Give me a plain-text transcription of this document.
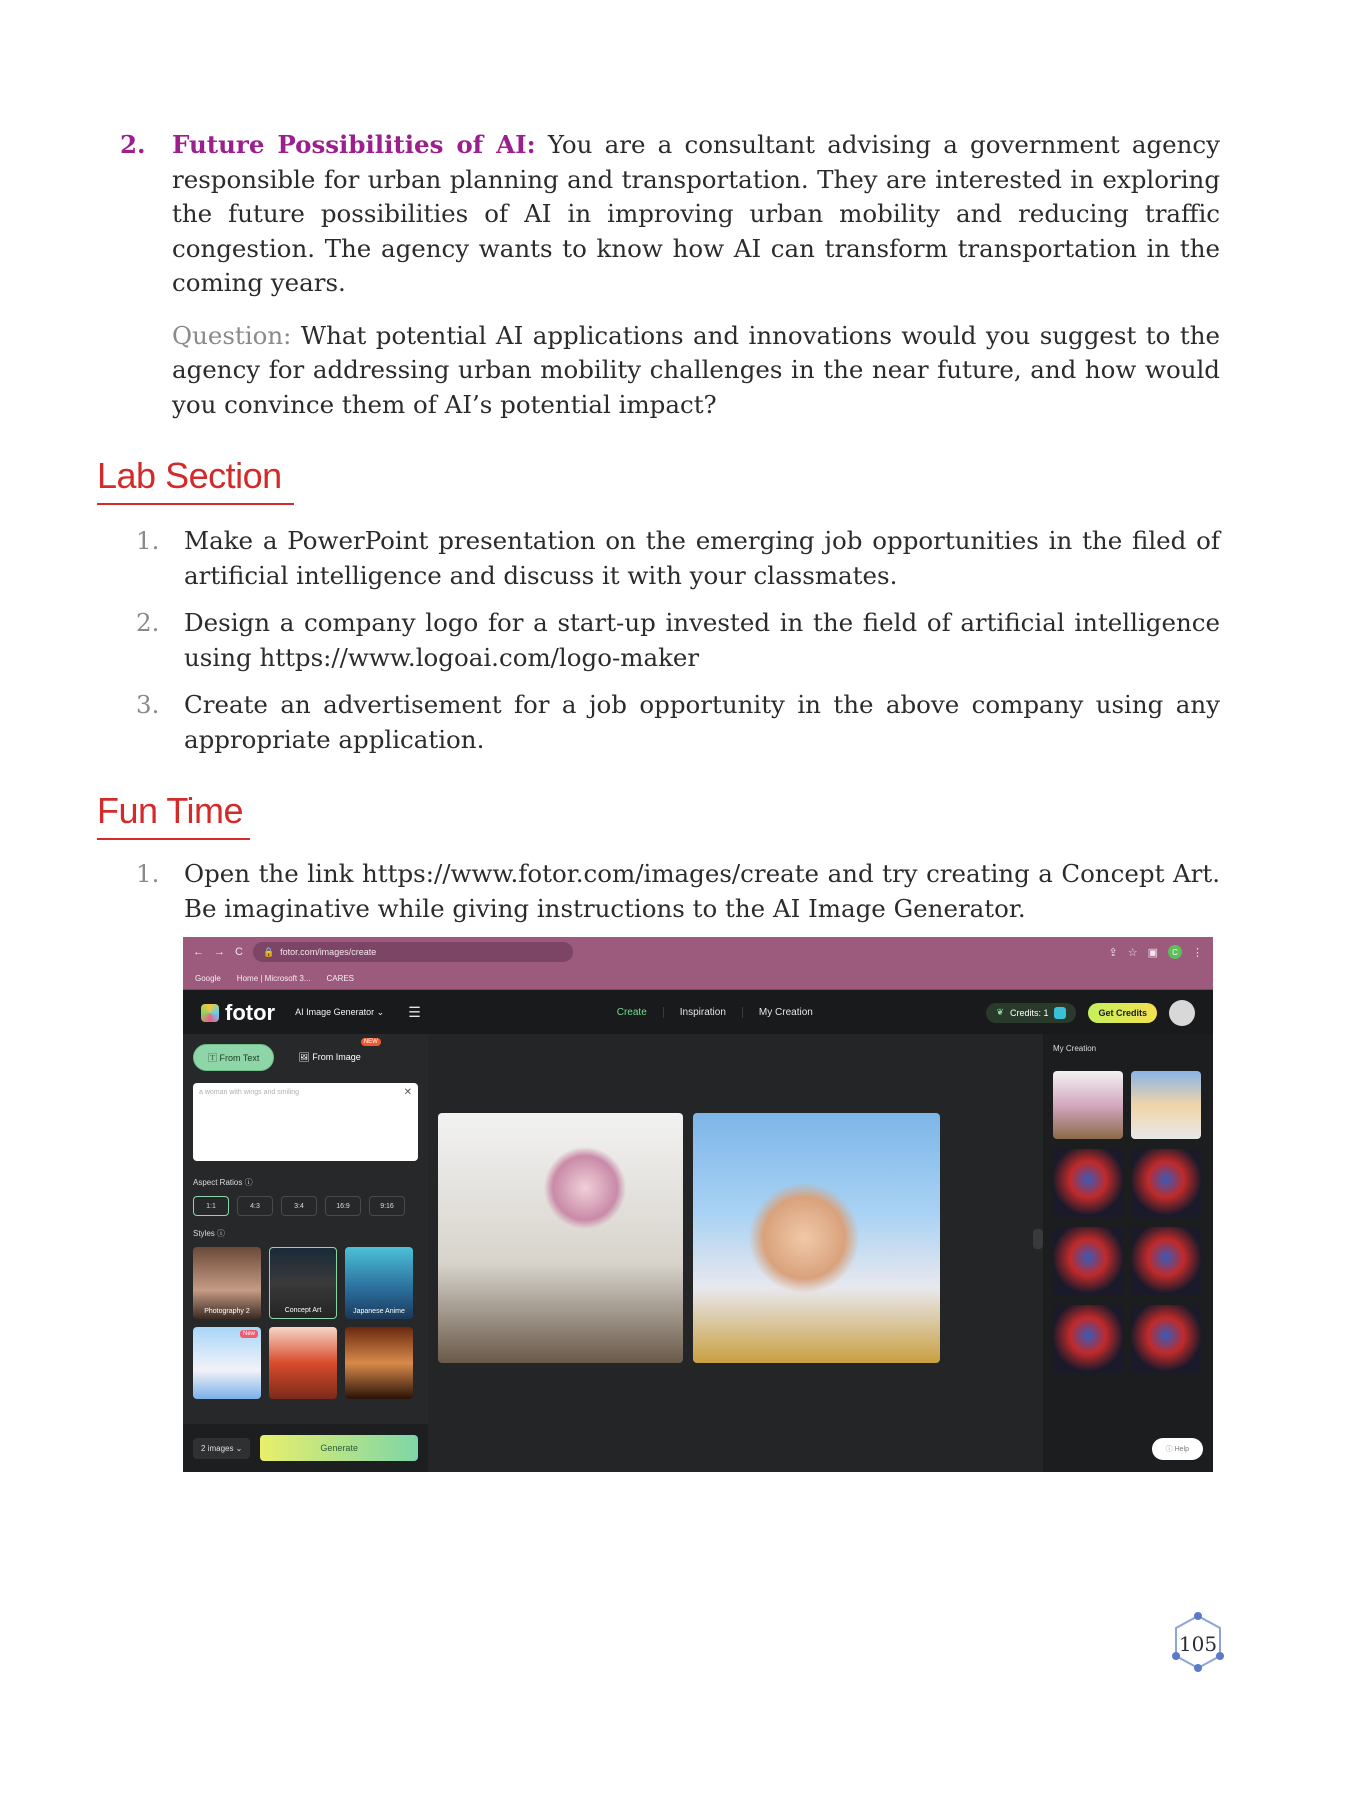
2.	Future Possibilities of AI: You are a consultant advising a government agency responsible for urban planning and transportation. They are interested in exploring the future possibilities of AI in improving urban mobility and reducing traffic congestion. The agency wants to know how AI can transform transportation in the coming years.
Question: What potential AI applications and innovations would you suggest to the agency for addressing urban mobility challenges in the near future, and how would you convince them of AI’s potential impact?
Lab Section
1.	Make a PowerPoint presentation on the emerging job opportunities in the filed of artificial intelligence and discuss it with your classmates.
2.	Design a company logo for a start-up invested in the field of artificial intelligence using https://www.logoai.com/logo-maker
3.	Create an advertisement for a job opportunity in the above company using any appropriate application.
Fun Time
1.	Open the link https://www.fotor.com/images/create and try creating a Concept Art. Be imaginative while giving instructions to the AI Image Generator.
← → C 🔒 fotor.com/images/create	⇪ ☆ ▣	C	⋮
Google Home | Microsoft 3... CARES
fotor AI Image Generator ⌄ ☰	Create	Inspiration	My Creation	❦ Credits: 1	Get Credits
🅃 From Text	🖼 From Image
NEW
a woman with wings and smiling	✕
Aspect Ratios ⓘ
1:1	4:3	3:4	16:9	9:16
Styles ⓘ
Photography 2	Concept Art	Japanese Anime
New
2 images ⌄	Generate
My Creation
ⓘ Help
105
